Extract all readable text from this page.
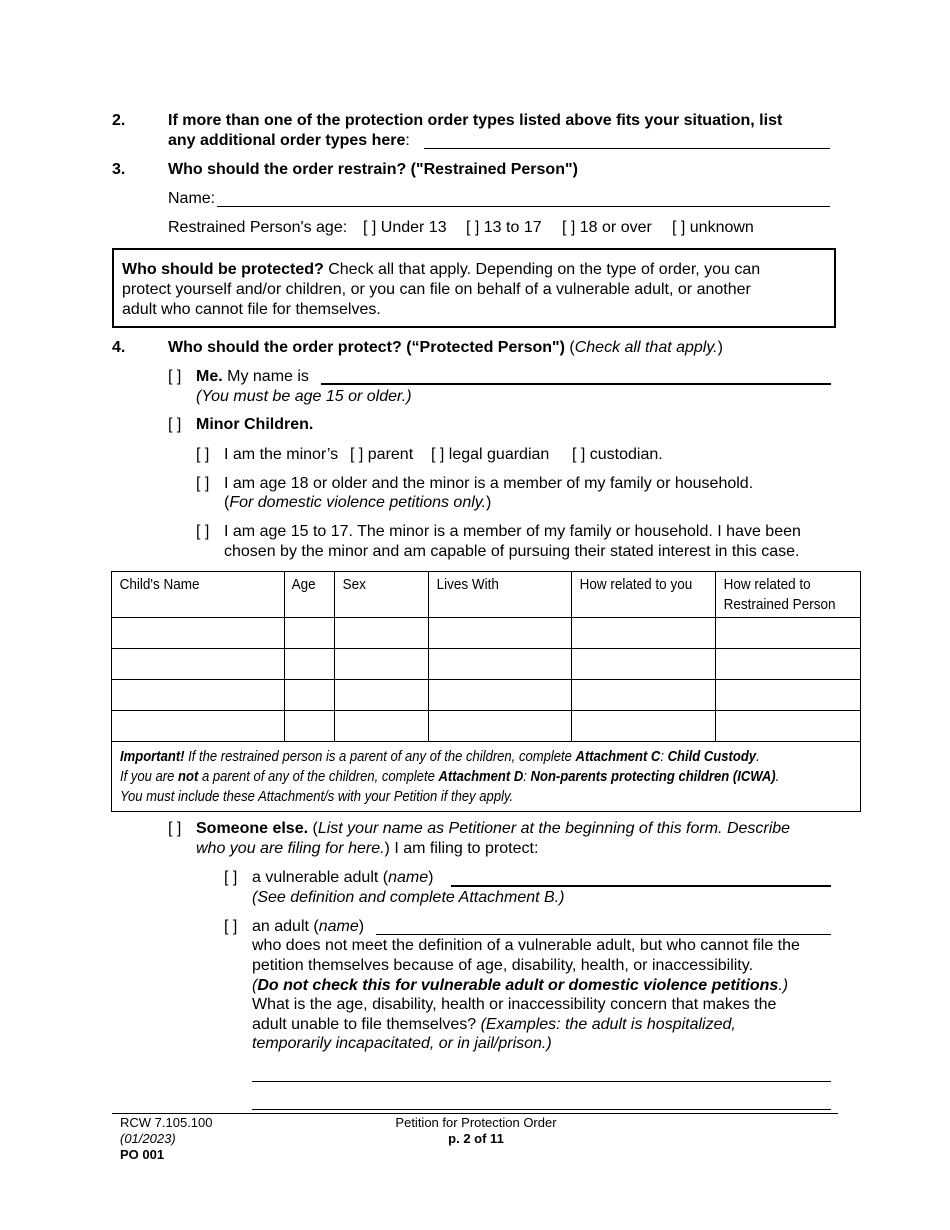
2.	If more than one of the protection order types listed above fits your situation, list
any additional order types here:
3.	Who should the order restrain? ("Restrained Person")
Name:
Restrained Person's age: [ ] Under 13 [ ] 13 to 17 [ ] 18 or over [ ] unknown
Who should be protected? Check all that apply. Depending on the type of order, you can
protect yourself and/or children, or you can file on behalf of a vulnerable adult, or another
adult who cannot file for themselves.
4.	Who should the order protect? (“Protected Person") (Check all that apply.)
[ ] Me. My name is
(You must be age 15 or older.)
[ ] Minor Children.
[ ] I am the minor’s [ ] parent [ ] legal guardian [ ] custodian.
[ ] I am age 18 or older and the minor is a member of my family or household.
(For domestic violence petitions only.)
[ ] I am age 15 to 17. The minor is a member of my family or household. I have been
chosen by the minor and am capable of pursuing their stated interest in this case.
Child's Name	Age	Sex	Lives With	How related to you	How related to Restrained Person

Important! If the restrained person is a parent of any of the children, complete Attachment C: Child Custody.
If you are not a parent of any of the children, complete Attachment D: Non-parents protecting children (ICWA).
You must include these Attachment/s with your Petition if they apply.					
[ ] Someone else. (List your name as Petitioner at the beginning of this form. Describe
who you are filing for here.) I am filing to protect:
[ ] a vulnerable adult (name)
(See definition and complete Attachment B.)
[ ] an adult (name)
who does not meet the definition of a vulnerable adult, but who cannot file the
petition themselves because of age, disability, health, or inaccessibility.
(Do not check this for vulnerable adult or domestic violence petitions.)
What is the age, disability, health or inaccessibility concern that makes the
adult unable to file themselves? (Examples: the adult is hospitalized,
temporarily incapacitated, or in jail/prison.)
RCW 7.105.100
(01/2023)
PO 001
Petition for Protection Order
p. 2 of 11
